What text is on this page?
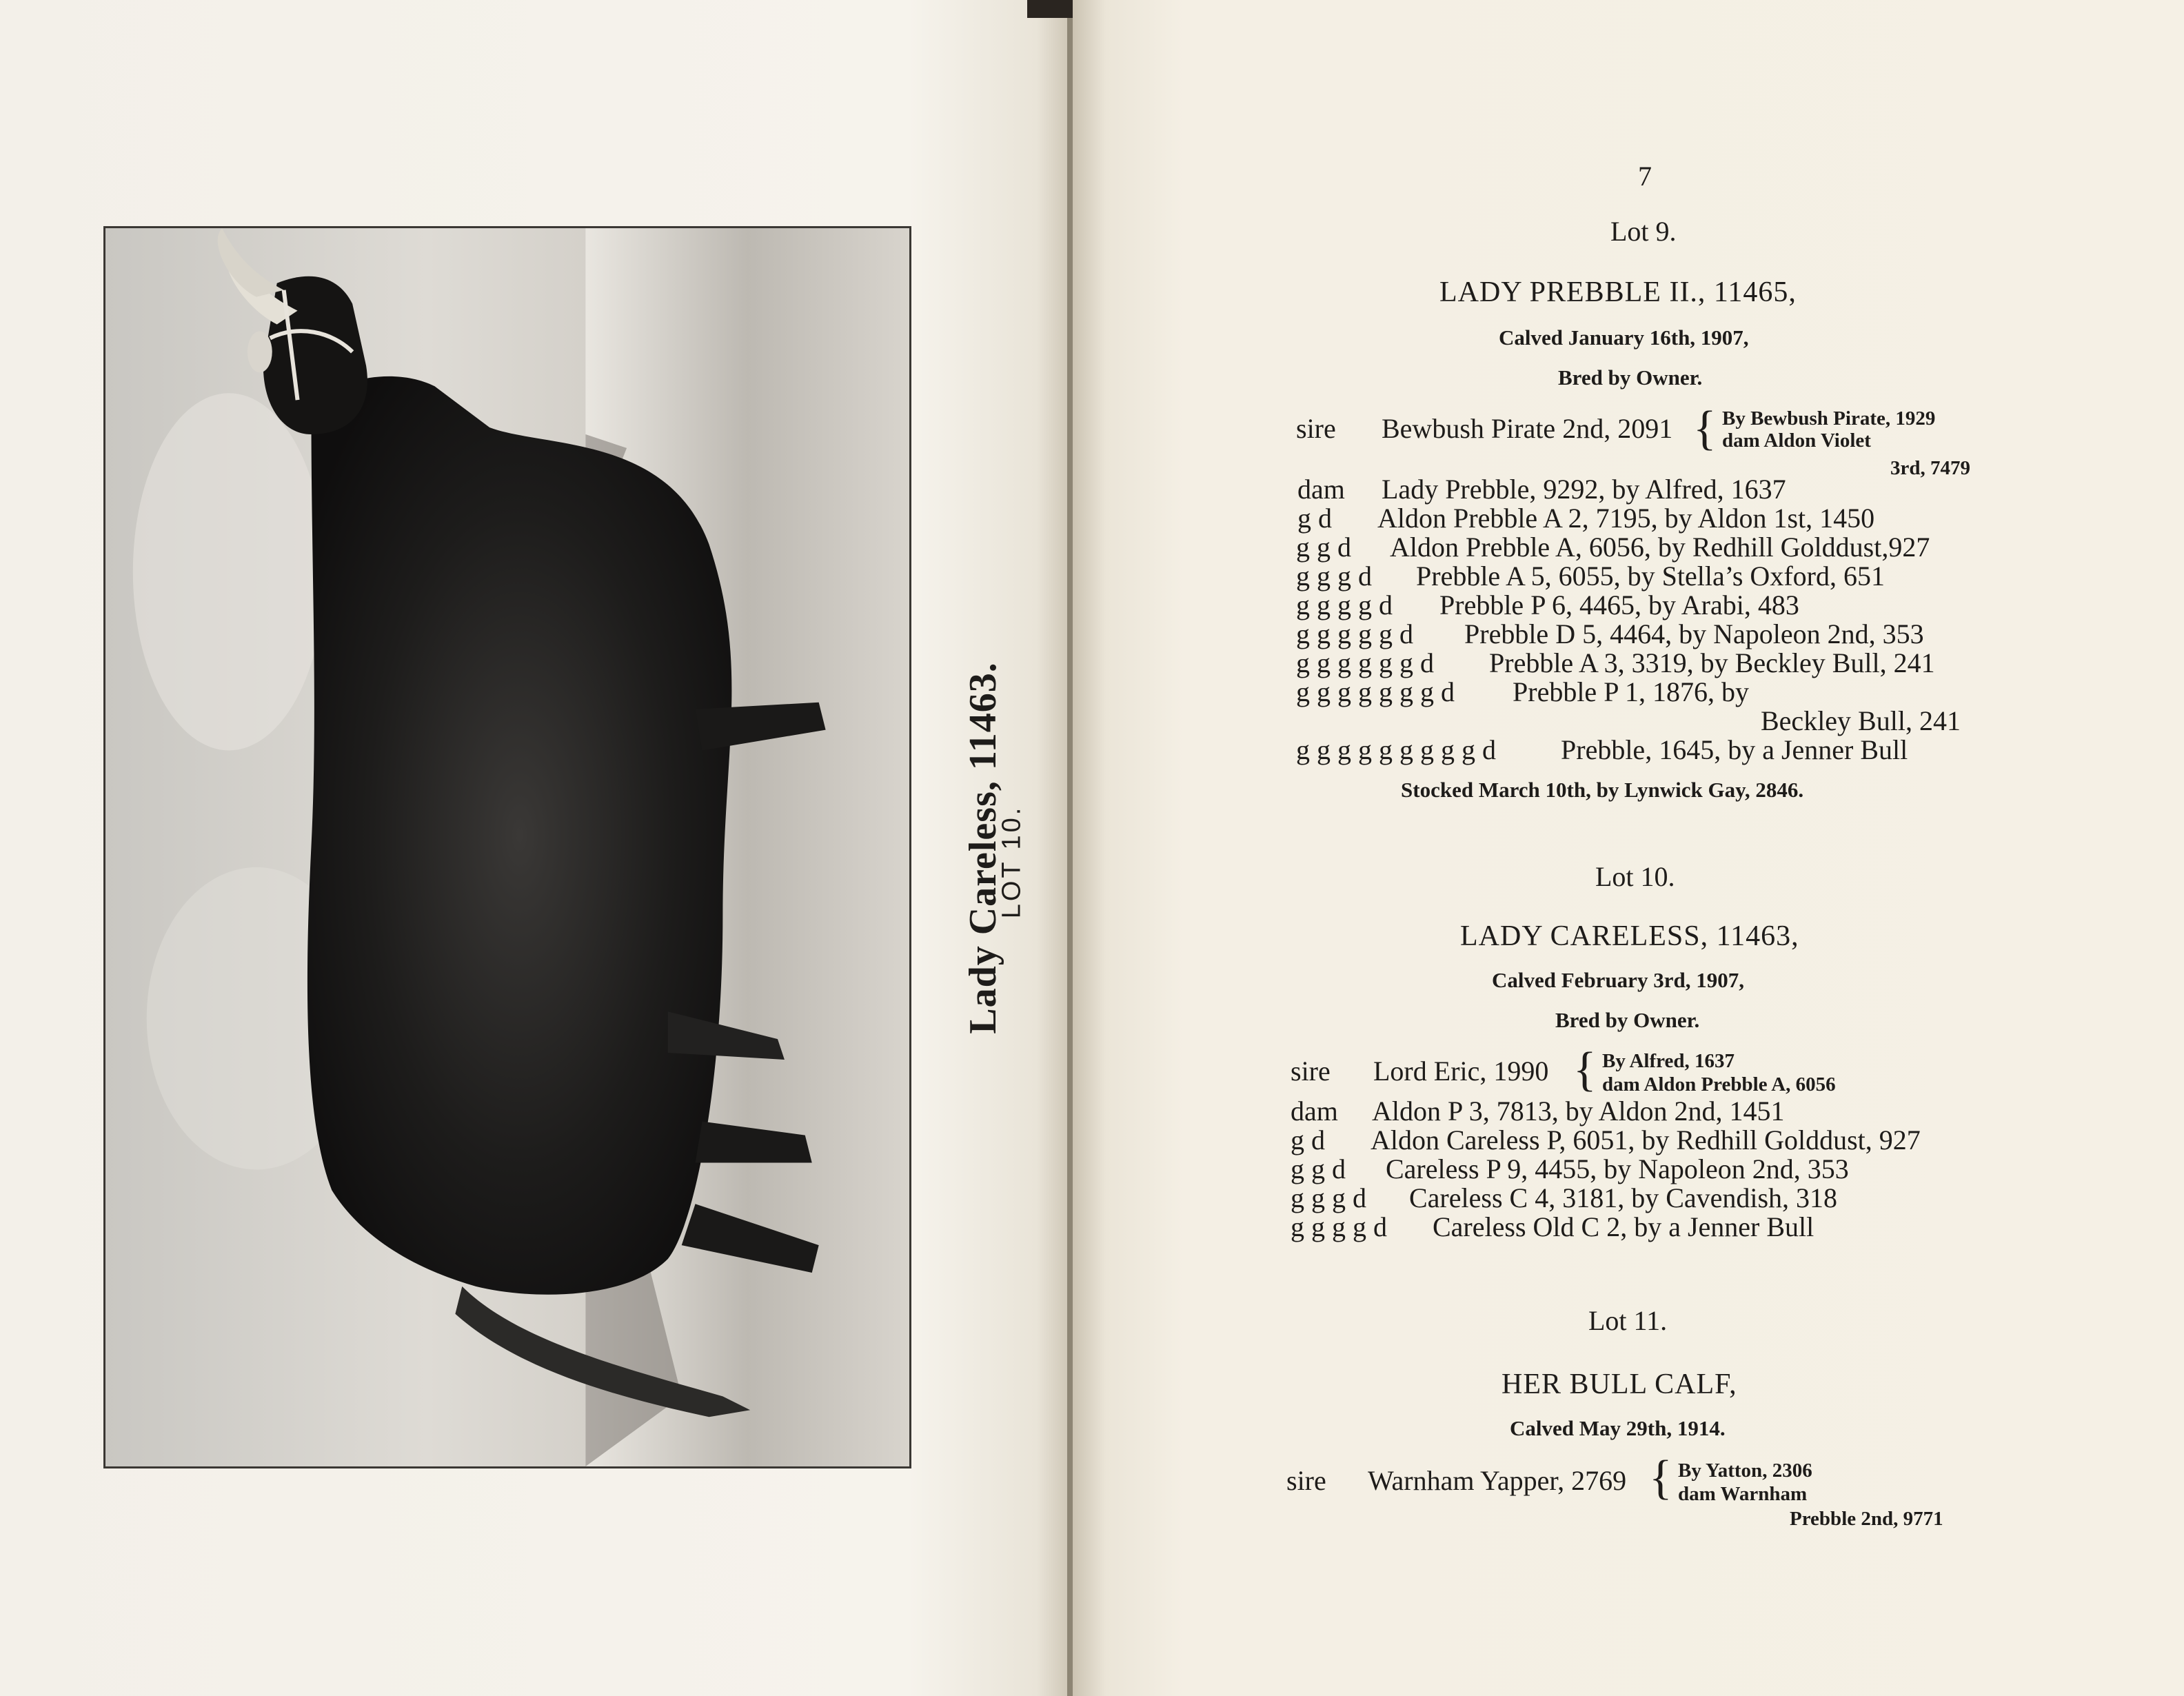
Lady Careless, 11463.
LOT 10.
7
Lot 9.
LADY PREBBLE II., 11465,
Calved January 16th, 1907,
Bred by Owner.
sire Bewbush Pirate 2nd, 2091 { By Bewbush Pirate, 1929
dam Aldon Violet
3rd, 7479
dam Lady Prebble, 9292, by Alfred, 1637
g d Aldon Prebble A 2, 7195, by Aldon 1st, 1450
g g d Aldon Prebble A, 6056, by Redhill Golddust,927
g g g d Prebble A 5, 6055, by Stella’s Oxford, 651
g g g g d Prebble P 6, 4465, by Arabi, 483
g g g g g d Prebble D 5, 4464, by Napoleon 2nd, 353
g g g g g g d Prebble A 3, 3319, by Beckley Bull, 241
g g g g g g g d Prebble P 1, 1876, by
Beckley Bull, 241
g g g g g g g g g d Prebble, 1645, by a Jenner Bull
Stocked March 10th, by Lynwick Gay, 2846.
Lot 10.
LADY CARELESS, 11463,
Calved February 3rd, 1907,
Bred by Owner.
sire Lord Eric, 1990 { By Alfred, 1637
dam Aldon Prebble A, 6056
dam Aldon P 3, 7813, by Aldon 2nd, 1451
g d Aldon Careless P, 6051, by Redhill Golddust, 927
g g d Careless P 9, 4455, by Napoleon 2nd, 353
g g g d Careless C 4, 3181, by Cavendish, 318
g g g g d Careless Old C 2, by a Jenner Bull
Lot 11.
HER BULL CALF,
Calved May 29th, 1914.
sire Warnham Yapper, 2769 { By Yatton, 2306
dam Warnham
Prebble 2nd, 9771
